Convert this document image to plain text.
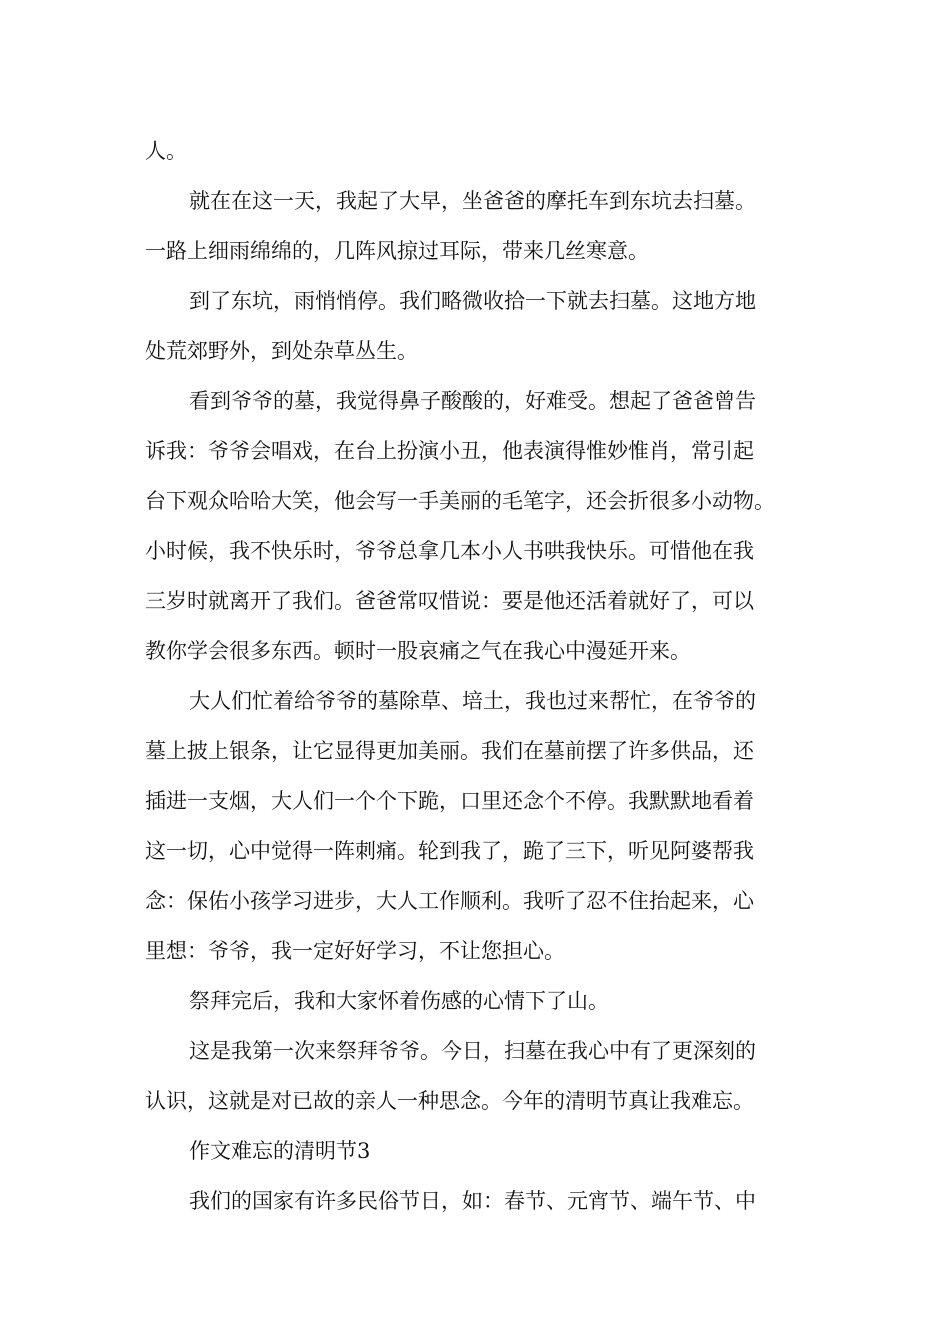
人。
就在在这一天，我起了大早，坐爸爸的摩托车到东坑去扫墓。
一路上细雨绵绵的，几阵风掠过耳际，带来几丝寒意。
到了东坑，雨悄悄停。我们略微收拾一下就去扫墓。这地方地
处荒郊野外，到处杂草丛生。
看到爷爷的墓，我觉得鼻子酸酸的，好难受。想起了爸爸曾告
诉我：爷爷会唱戏，在台上扮演小丑，他表演得惟妙惟肖，常引起
台下观众哈哈大笑，他会写一手美丽的毛笔字，还会折很多小动物。
小时候，我不快乐时，爷爷总拿几本小人书哄我快乐。可惜他在我
三岁时就离开了我们。爸爸常叹惜说：要是他还活着就好了，可以
教你学会很多东西。顿时一股哀痛之气在我心中漫延开来。
大人们忙着给爷爷的墓除草、培土，我也过来帮忙，在爷爷的
墓上披上银条，让它显得更加美丽。我们在墓前摆了许多供品，还
插进一支烟，大人们一个个下跪，口里还念个不停。我默默地看着
这一切，心中觉得一阵刺痛。轮到我了，跪了三下，听见阿婆帮我
念：保佑小孩学习进步，大人工作顺利。我听了忍不住抬起来，心
里想：爷爷，我一定好好学习，不让您担心。
祭拜完后，我和大家怀着伤感的心情下了山。
这是我第一次来祭拜爷爷。今日，扫墓在我心中有了更深刻的
认识，这就是对已故的亲人一种思念。今年的清明节真让我难忘。
作文难忘的清明节3
我们的国家有许多民俗节日，如：春节、元宵节、端午节、中
